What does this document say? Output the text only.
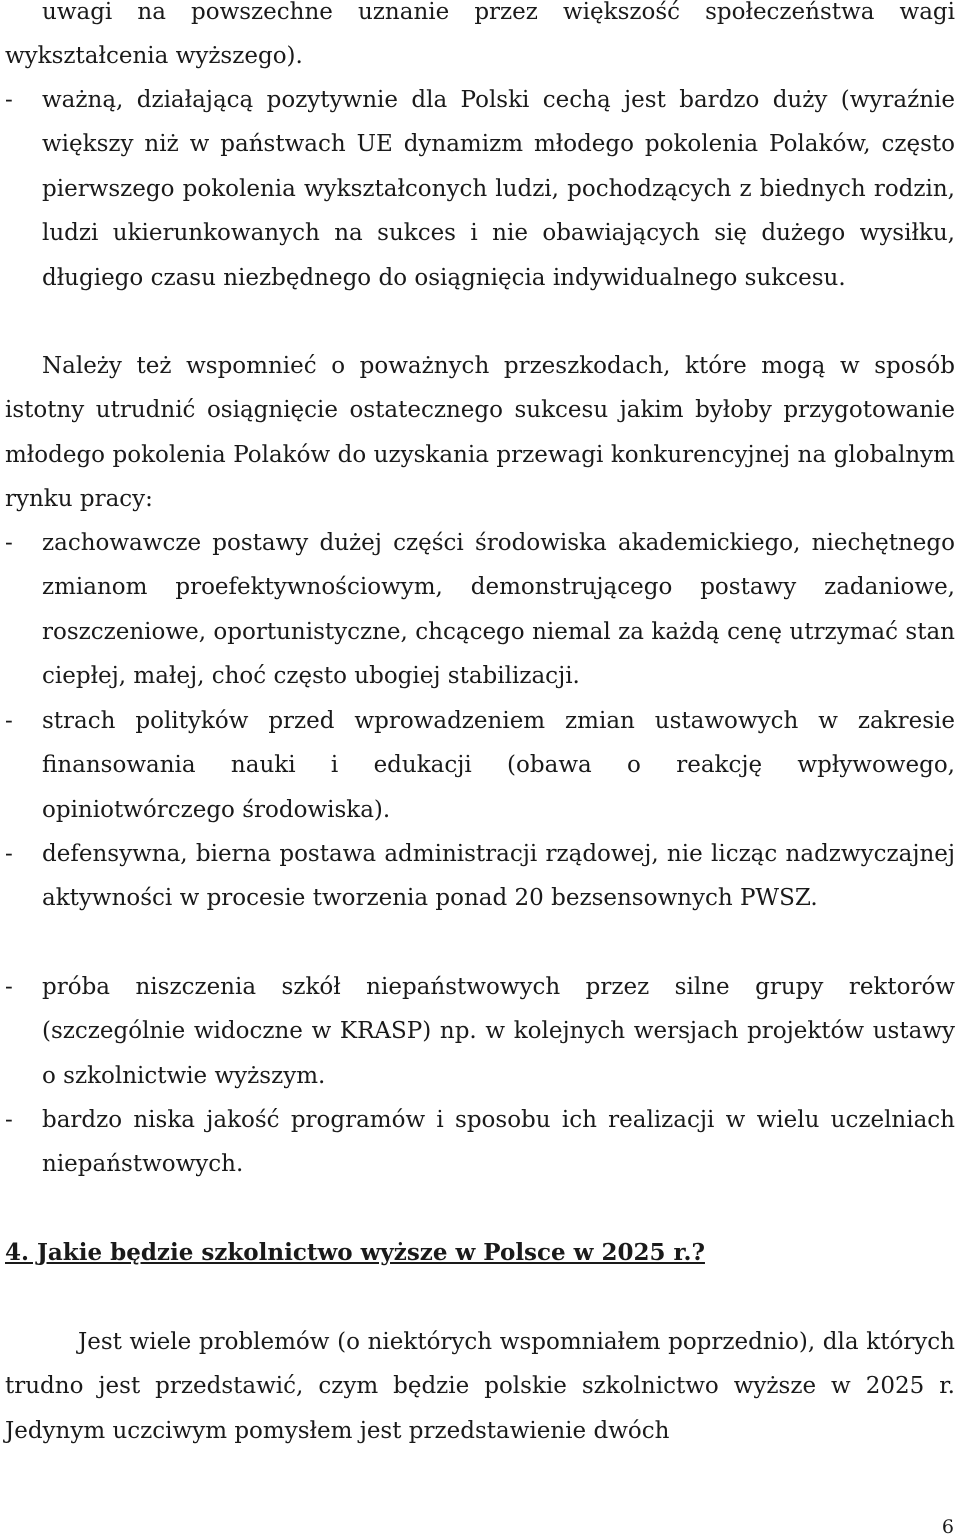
uwagi na powszechne uznanie przez większość społeczeństwa wagi wykształcenia wyższego).

- ważną, działającą pozytywnie dla Polski cechą jest bardzo duży (wyraźnie większy niż w państwach UE dynamizm młodego pokolenia Polaków, często pierwszego pokolenia wykształconych ludzi, pochodzących z biednych rodzin, ludzi ukierunkowanych na sukces i nie obawiających się dużego wysiłku, długiego czasu niezbędnego do osiągnięcia indywidualnego sukcesu.

Należy też wspomnieć o poważnych przeszkodach, które mogą w sposób istotny utrudnić osiągnięcie ostatecznego sukcesu jakim byłoby przygotowanie młodego pokolenia Polaków do uzyskania przewagi konkurencyjnej na globalnym rynku pracy:

- zachowawcze postawy dużej części środowiska akademickiego, niechętnego zmianom proefektywnościowym, demonstrującego postawy zadaniowe, roszczeniowe, oportunistyczne, chcącego niemal za każdą cenę utrzymać stan ciepłej, małej, choć często ubogiej stabilizacji.
- strach polityków przed wprowadzeniem zmian ustawowych w zakresie finansowania nauki i edukacji (obawa o reakcję wpływowego, opiniotwórczego środowiska).
- defensywna, bierna postawa administracji rządowej, nie licząc nadzwyczajnej aktywności w procesie tworzenia ponad 20 bezsensownych PWSZ.
- próba niszczenia szkół niepaństwowych przez silne grupy rektorów (szczególnie widoczne w KRASP) np. w kolejnych wersjach projektów ustawy o szkolnictwie wyższym.
- bardzo niska jakość programów i sposobu ich realizacji w wielu uczelniach niepaństwowych.
4. Jakie będzie szkolnictwo wyższe w Polsce w 2025 r.?

Jest wiele problemów (o niektórych wspomniałem poprzednio), dla których trudno jest przedstawić, czym będzie polskie szkolnictwo wyższe w 2025 r. Jedynym uczciwym pomysłem jest przedstawienie dwóch

6
